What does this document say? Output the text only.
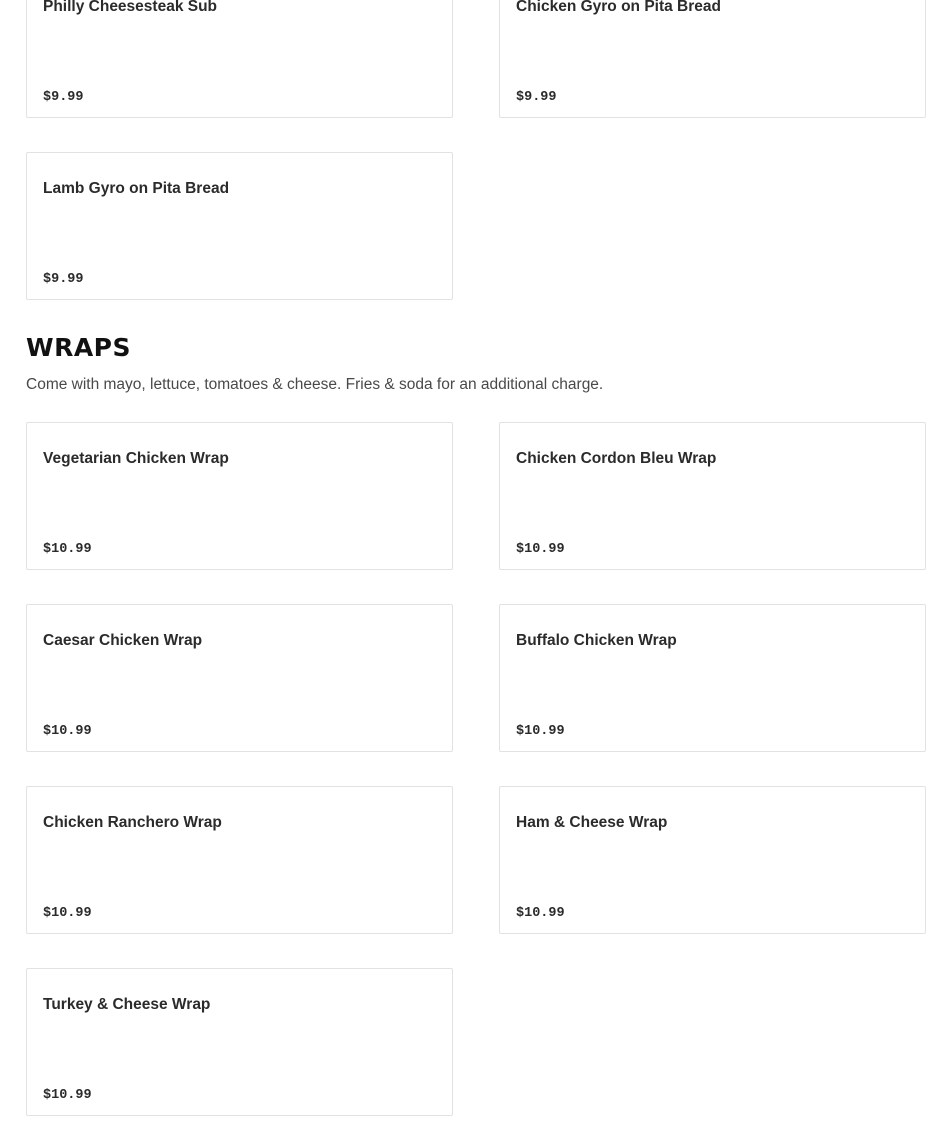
Philly Cheesesteak Sub
$9.99
Chicken Gyro on Pita Bread
$9.99
Lamb Gyro on Pita Bread
$9.99
WRAPS

Come with mayo, lettuce, tomatoes & cheese. Fries & soda for an additional charge.

Vegetarian Chicken Wrap
$10.99
Chicken Cordon Bleu Wrap
$10.99
Caesar Chicken Wrap
$10.99
Buffalo Chicken Wrap
$10.99
Chicken Ranchero Wrap
$10.99
Ham & Cheese Wrap
$10.99
Turkey & Cheese Wrap
$10.99
